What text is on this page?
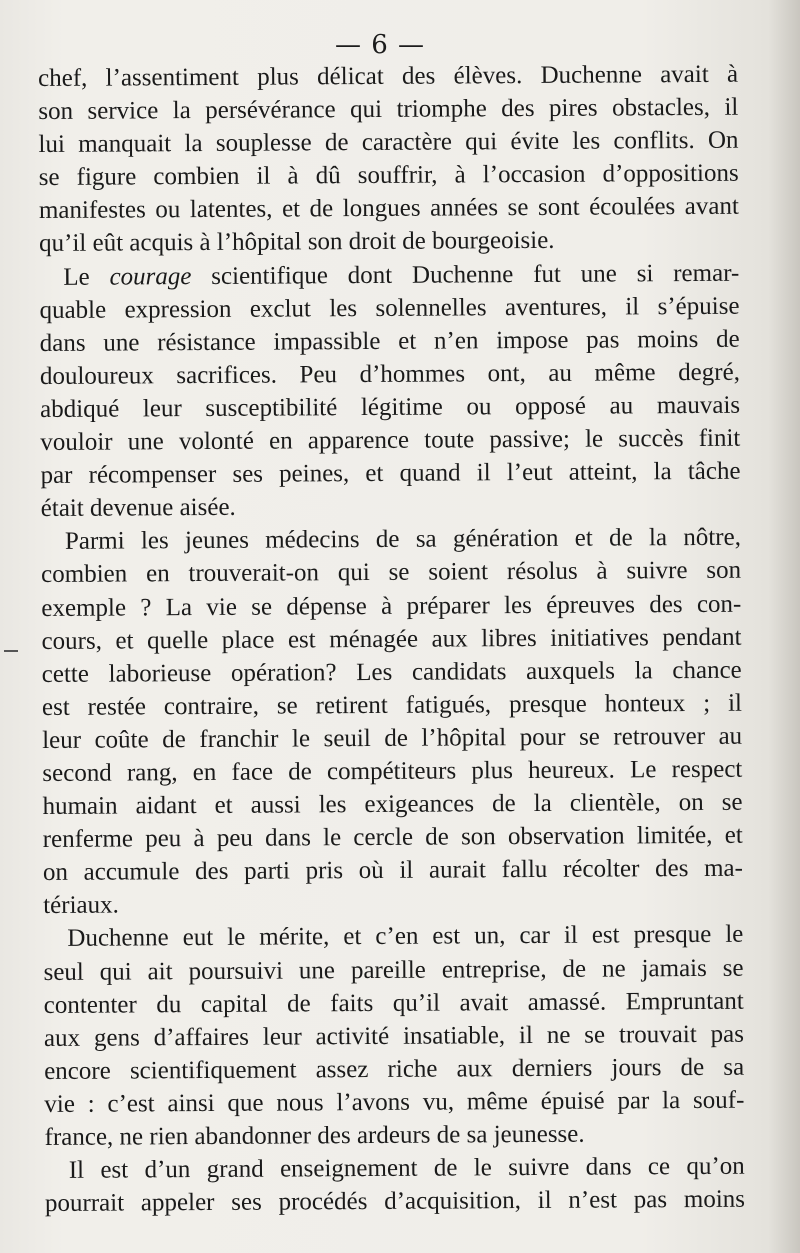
— 6 —
chef, l’assentiment plus délicat des élèves. Duchenne avait à
son service la persévérance qui triomphe des pires obstacles, il
lui manquait la souplesse de caractère qui évite les conflits. On
se figure combien il à dû souffrir, à l’occasion d’oppositions
manifestes ou latentes, et de longues années se sont écoulées avant
qu’il eût acquis à l’hôpital son droit de bourgeoisie.
Le courage scientifique dont Duchenne fut une si remar-
quable expression exclut les solennelles aventures, il s’épuise
dans une résistance impassible et n’en impose pas moins de
douloureux sacrifices. Peu d’hommes ont, au même degré,
abdiqué leur susceptibilité légitime ou opposé au mauvais
vouloir une volonté en apparence toute passive; le succès finit
par récompenser ses peines, et quand il l’eut atteint, la tâche
était devenue aisée.
Parmi les jeunes médecins de sa génération et de la nôtre,
combien en trouverait-on qui se soient résolus à suivre son
exemple ? La vie se dépense à préparer les épreuves des con-
cours, et quelle place est ménagée aux libres initiatives pendant
cette laborieuse opération? Les candidats auxquels la chance
est restée contraire, se retirent fatigués, presque honteux ; il
leur coûte de franchir le seuil de l’hôpital pour se retrouver au
second rang, en face de compétiteurs plus heureux. Le respect
humain aidant et aussi les exigeances de la clientèle, on se
renferme peu à peu dans le cercle de son observation limitée, et
on accumule des parti pris où il aurait fallu récolter des ma-
tériaux.
Duchenne eut le mérite, et c’en est un, car il est presque le
seul qui ait poursuivi une pareille entreprise, de ne jamais se
contenter du capital de faits qu’il avait amassé. Empruntant
aux gens d’affaires leur activité insatiable, il ne se trouvait pas
encore scientifiquement assez riche aux derniers jours de sa
vie : c’est ainsi que nous l’avons vu, même épuisé par la souf-
france, ne rien abandonner des ardeurs de sa jeunesse.
Il est d’un grand enseignement de le suivre dans ce qu’on
pourrait appeler ses procédés d’acquisition, il n’est pas moins
